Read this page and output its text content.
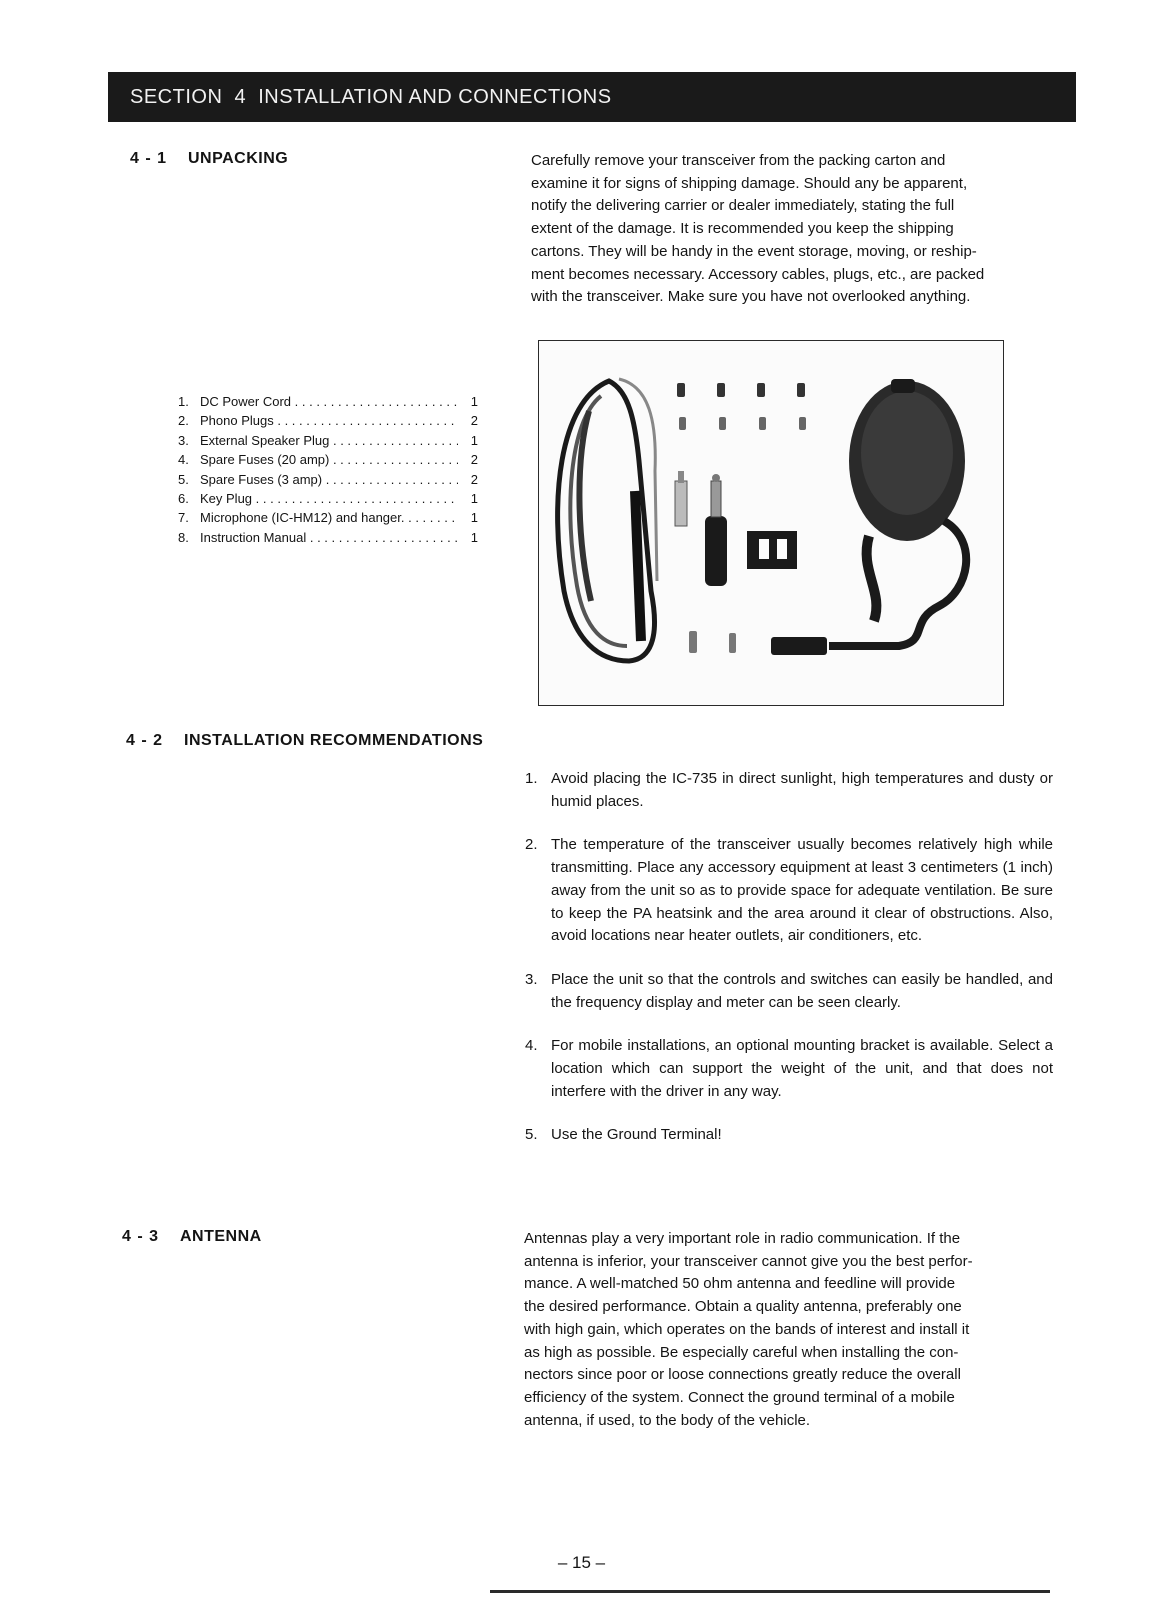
SECTION  4  INSTALLATION AND CONNECTIONS
4 - 1 UNPACKING	Carefully remove your transceiver from the packing carton and
examine it for signs of shipping damage. Should any be apparent,
notify the delivering carrier or dealer immediately, stating the full
extent of the damage. It is recommended you keep the shipping
cartons. They will be handy in the event storage, moving, or reship-
ment becomes necessary. Accessory cables, plugs, etc., are packed
with the transceiver. Make sure you have not overlooked anything.
1. DC Power Cord . . .	1
2. Phono Plugs . . .	2
3. External Speaker Plug . . .	1
4. Spare Fuses (20 amp) . . .	2
5. Spare Fuses (3 amp) . . .	2
6. Key Plug . . .	1
7. Microphone (IC-HM12) and hanger. . . .	1
8. Instruction Manual . . .	1
4 - 2 INSTALLATION RECOMMENDATIONS
1. Avoid placing the IC-735 in direct sunlight, high temperatures and dusty or humid places.
2. The temperature of the transceiver usually becomes relatively high while transmitting. Place any accessory equipment at least 3 centimeters (1 inch) away from the unit so as to provide space for adequate ventilation. Be sure to keep the PA heatsink and the area around it clear of obstructions. Also, avoid locations near heater outlets, air conditioners, etc.
3. Place the unit so that the controls and switches can easily be handled, and the frequency display and meter can be seen clearly.
4. For mobile installations, an optional mounting bracket is available. Select a location which can support the weight of the unit, and that does not interfere with the driver in any way.
5. Use the Ground Terminal!
4 - 3 ANTENNA	Antennas play a very important role in radio communication. If the
antenna is inferior, your transceiver cannot give you the best perfor-
mance. A well-matched 50 ohm antenna and feedline will provide
the desired performance. Obtain a quality antenna, preferably one
with high gain, which operates on the bands of interest and install it
as high as possible. Be especially careful when installing the con-
nectors since poor or loose connections greatly reduce the overall
efficiency of the system. Connect the ground terminal of a mobile
antenna, if used, to the body of the vehicle.
– 15 –
